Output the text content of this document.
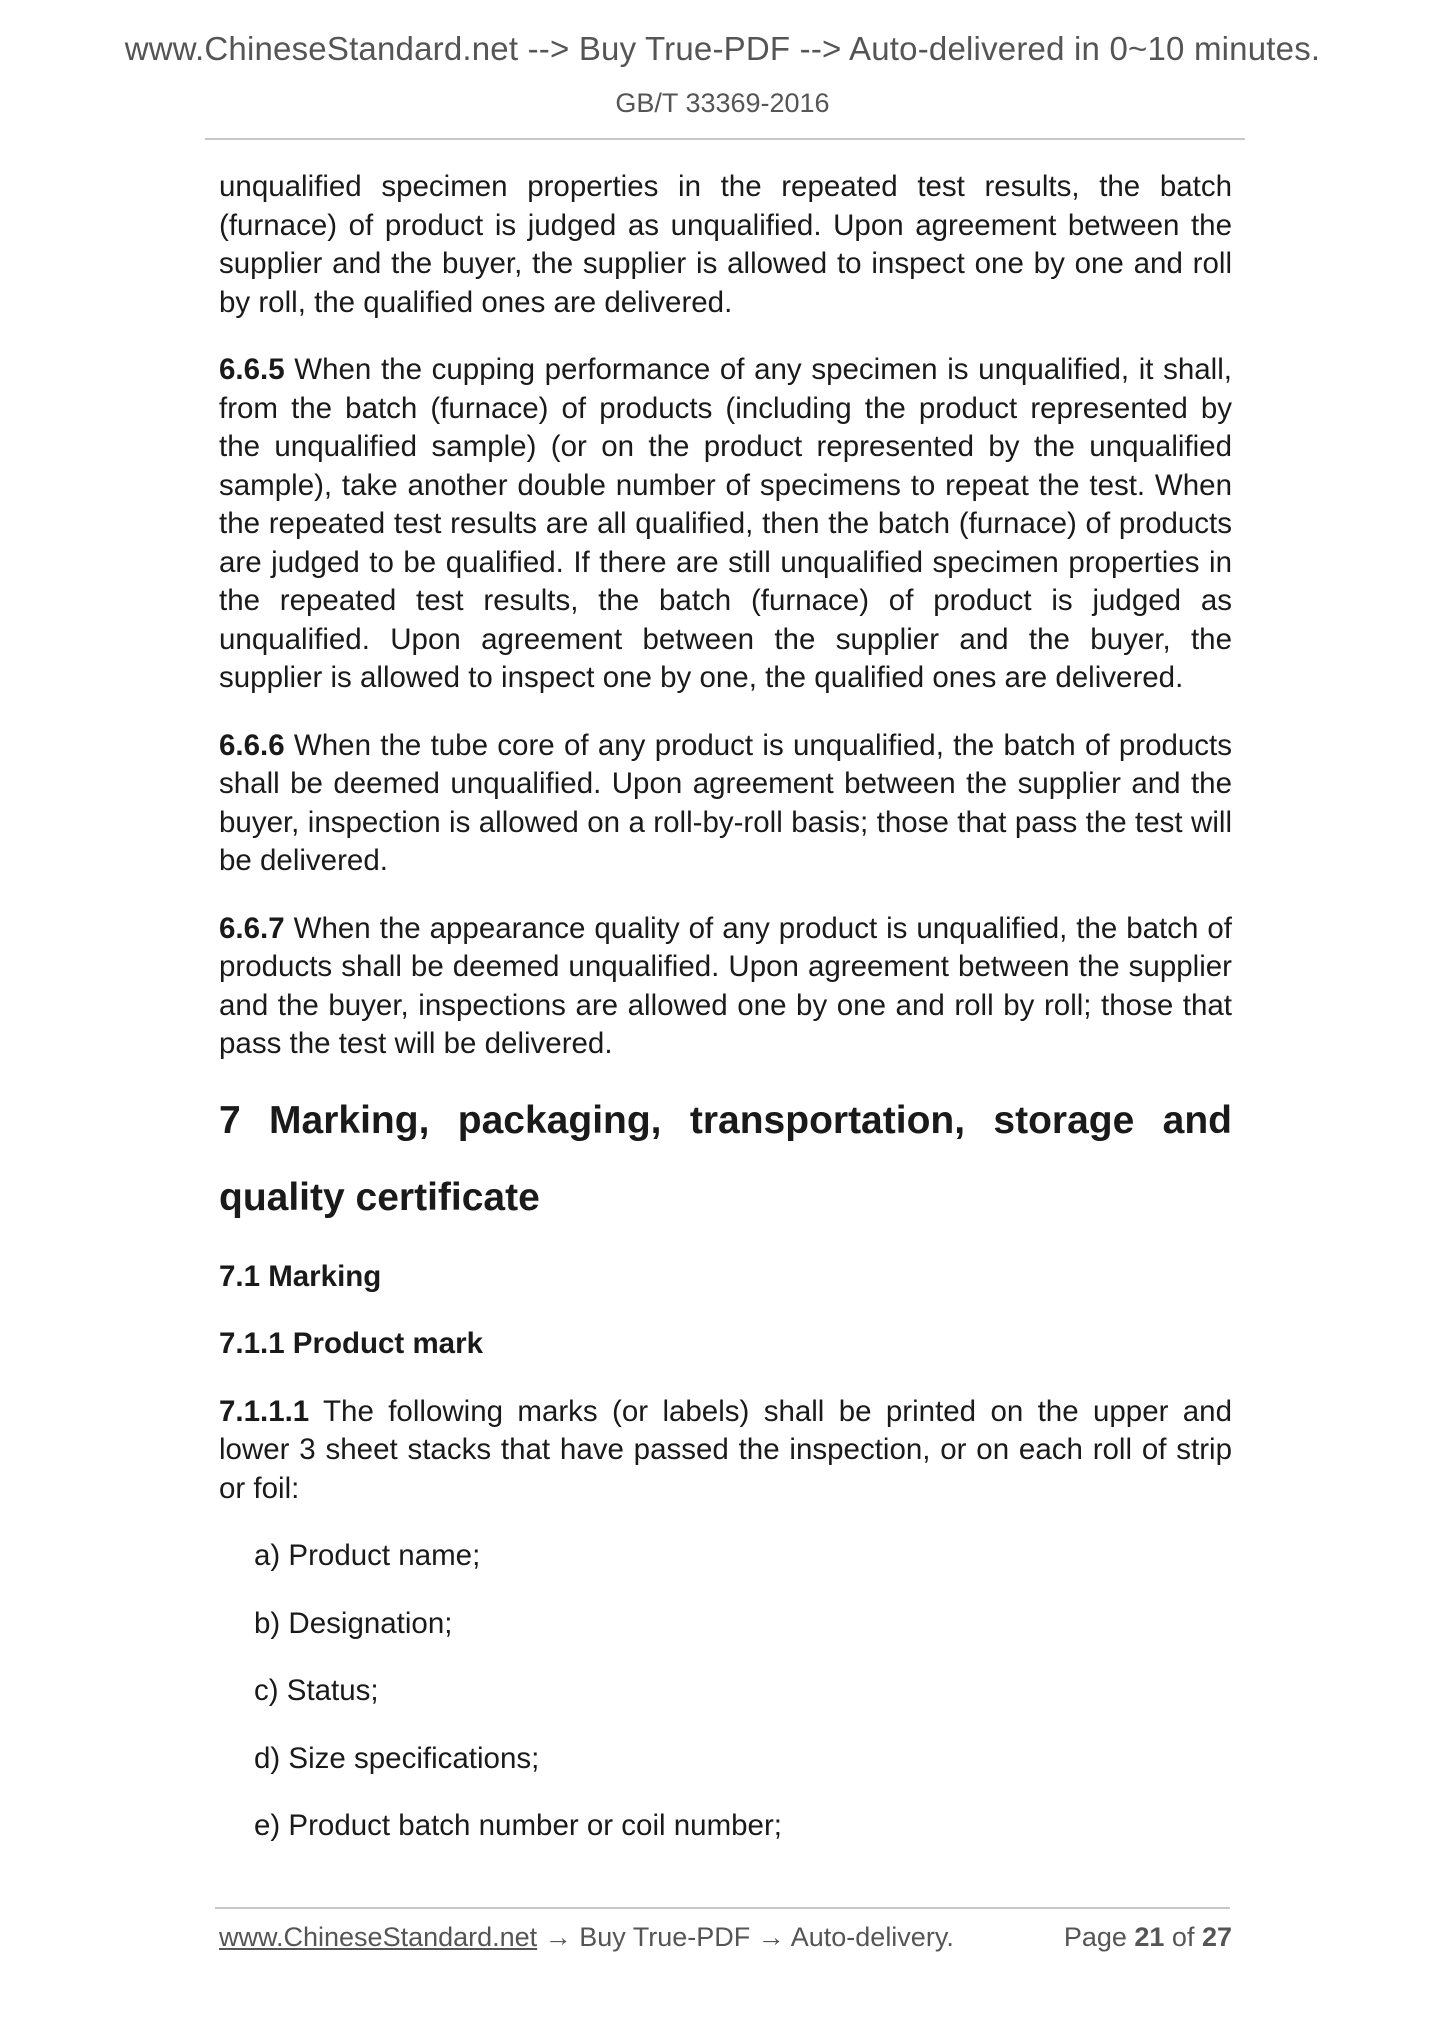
www.ChineseStandard.net --> Buy True-PDF --> Auto-delivered in 0~10 minutes.
GB/T 33369-2016

unqualified specimen properties in the repeated test results, the batch (furnace) of product is judged as unqualified. Upon agreement between the supplier and the buyer, the supplier is allowed to inspect one by one and roll by roll, the qualified ones are delivered.

6.6.5 When the cupping performance of any specimen is unqualified, it shall, from the batch (furnace) of products (including the product represented by the unqualified sample) (or on the product represented by the unqualified sample), take another double number of specimens to repeat the test. When the repeated test results are all qualified, then the batch (furnace) of products are judged to be qualified. If there are still unqualified specimen properties in the repeated test results, the batch (furnace) of product is judged as unqualified. Upon agreement between the supplier and the buyer, the supplier is allowed to inspect one by one, the qualified ones are delivered.

6.6.6 When the tube core of any product is unqualified, the batch of products shall be deemed unqualified. Upon agreement between the supplier and the buyer, inspection is allowed on a roll-by-roll basis; those that pass the test will be delivered.

6.6.7 When the appearance quality of any product is unqualified, the batch of products shall be deemed unqualified. Upon agreement between the supplier and the buyer, inspections are allowed one by one and roll by roll; those that pass the test will be delivered.

7 Marking, packaging, transportation, storage and quality certificate
7.1 Marking
7.1.1 Product mark

7.1.1.1 The following marks (or labels) shall be printed on the upper and lower 3 sheet stacks that have passed the inspection, or on each roll of strip or foil:

a) Product name;
b) Designation;
c) Status;
d) Size specifications;
e) Product batch number or coil number;
www.ChineseStandard.net → Buy True-PDF → Auto-delivery.	Page 21 of 27
